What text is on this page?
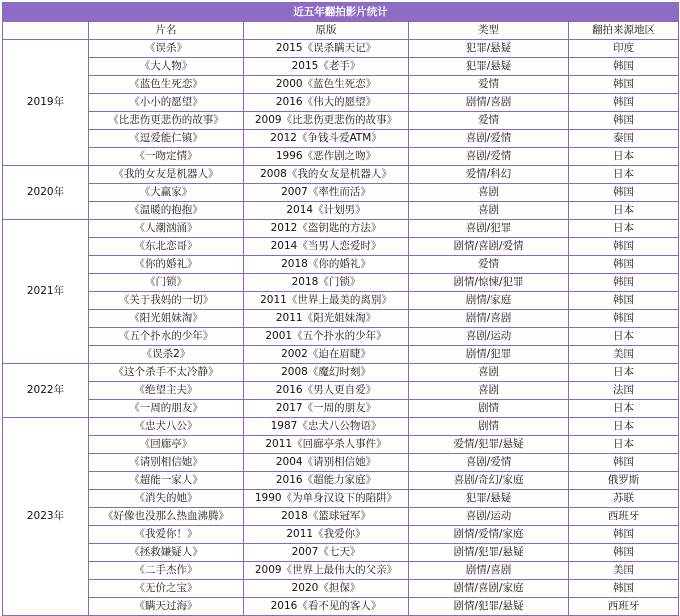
近五年翻拍影片统计				
	片名	原版	类型	翻拍来源地区
2019年	《误杀》	2015《误杀瞒天记》	犯罪/悬疑	印度
	《大人物》	2015《老手》	犯罪/悬疑	韩国
	《蓝色生死恋》	2000《蓝色生死恋》	爱情	韩国
	《小小的愿望》	2016《伟大的愿望》	剧情/喜剧	韩国
	《比悲伤更悲伤的故事》	2009《比悲伤更悲伤的故事》	爱情	韩国
	《逗爱能仁镇》	2012《争钱斗爱ATM》	喜剧/爱情	泰国
	《一吻定情》	1996《恶作剧之吻》	喜剧/爱情	日本
2020年	《我的女友是机器人》	2008《我的女友是机器人》	爱情/科幻	日本
	《大赢家》	2007《率性而活》	喜剧	韩国
	《温暖的抱抱》	2014《计划男》	喜剧	日本
2021年	《人潮汹涌》	2012《盗钥匙的方法》	喜剧/犯罪	日本
	《东北恋哥》	2014《当男人恋爱时》	剧情/喜剧/爱情	韩国
	《你的婚礼》	2018《你的婚礼》	爱情	韩国
	《门锁》	2018《门锁》	剧情/惊悚/犯罪	韩国
	《关于我妈的一切》	2011《世界上最美的离别》	剧情/家庭	韩国
	《阳光姐妹淘》	2011《阳光姐妹淘》	剧情/喜剧	韩国
	《五个扑水的少年》	2001《五个扑水的少年》	喜剧/运动	日本
	《误杀2》	2002《迫在眉睫》	剧情/犯罪	美国
2022年	《这个杀手不太冷静》	2008《魔幻时刻》	喜剧	日本
	《绝望主夫》	2016《男人更自爱》	喜剧	法国
	《一周的朋友》	2017《一周的朋友》	剧情	日本
2023年	《忠犬八公》	1987《忠犬八公物语》	剧情	日本
	《回廊亭》	2011《回廊亭杀人事件》	爱情/犯罪/悬疑	日本
	《请别相信她》	2004《请别相信她》	喜剧/爱情	韩国
	《超能一家人》	2016《超能力家庭》	喜剧/奇幻/家庭	俄罗斯
	《消失的她》	1990《为单身汉设下的陷阱》	犯罪/悬疑	苏联
	《好像也没那么热血沸腾》	2018《篮球冠军》	喜剧/运动	西班牙
	《我爱你！》	2011《我爱你》	剧情/爱情/家庭	韩国
	《拯救嫌疑人》	2007《七天》	剧情/犯罪/悬疑	韩国
	《二手杰作》	2009《世界上最伟大的父亲》	剧情/喜剧	美国
	《无价之宝》	2020《担保》	剧情/喜剧/家庭	韩国
	《瞒天过海》	2016《看不见的客人》	剧情/犯罪/悬疑	西班牙
